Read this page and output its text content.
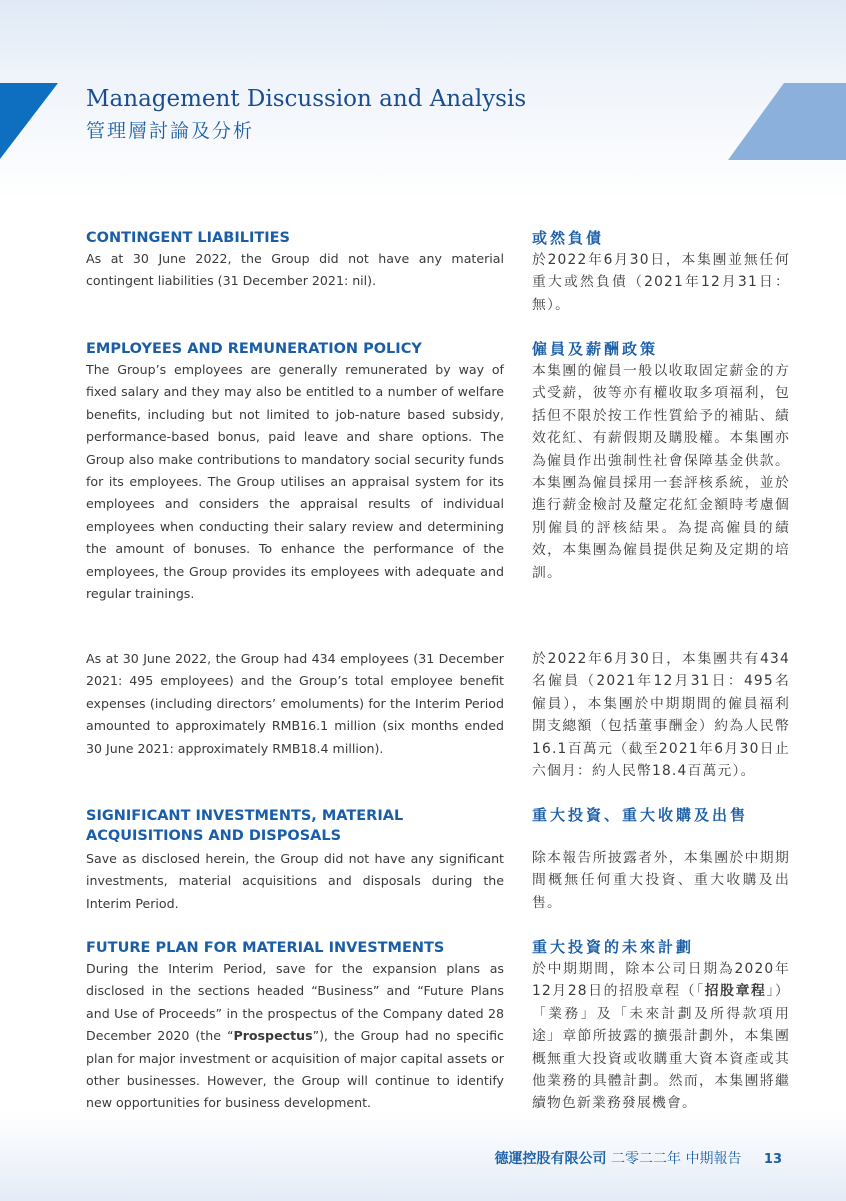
Management Discussion and Analysis
管理層討論及分析
CONTINGENT LIABILITIES

As at 30 June 2022, the Group did not have any material contingent liabilities (31 December 2021: nil).

或然負債

於2022年6月30日，本集團並無任何重大或然負債（2021年12月31日：無）。

EMPLOYEES AND REMUNERATION POLICY

The Group’s employees are generally remunerated by way of fixed salary and they may also be entitled to a number of welfare benefits, including but not limited to job-nature based subsidy, performance-based bonus, paid leave and share options. The Group also make contributions to mandatory social security funds for its employees. The Group utilises an appraisal system for its employees and considers the appraisal results of individual employees when conducting their salary review and determining the amount of bonuses. To enhance the performance of the employees, the Group provides its employees with adequate and regular trainings.

僱員及薪酬政策

本集團的僱員一般以收取固定薪金的方式受薪，彼等亦有權收取多項福利，包括但不限於按工作性質給予的補貼、績效花紅、有薪假期及購股權。本集團亦為僱員作出強制性社會保障基金供款。本集團為僱員採用一套評核系統，並於進行薪金檢討及釐定花紅金額時考慮個別僱員的評核結果。為提高僱員的績效，本集團為僱員提供足夠及定期的培訓。

As at 30 June 2022, the Group had 434 employees (31 December 2021: 495 employees) and the Group’s total employee benefit expenses (including directors’ emoluments) for the Interim Period amounted to approximately RMB16.1 million (six months ended 30 June 2021: approximately RMB18.4 million).

於2022年6月30日，本集團共有434名僱員（2021年12月31日：495名僱員），本集團於中期期間的僱員福利開支總額（包括董事酬金）約為人民幣16.1百萬元（截至2021年6月30日止六個月：約人民幣18.4百萬元）。

SIGNIFICANT INVESTMENTS, MATERIAL ACQUISITIONS AND DISPOSALS

Save as disclosed herein, the Group did not have any significant investments, material acquisitions and disposals during the Interim Period.

重大投資、重大收購及出售

除本報告所披露者外，本集團於中期期間概無任何重大投資、重大收購及出售。

FUTURE PLAN FOR MATERIAL INVESTMENTS

During the Interim Period, save for the expansion plans as disclosed in the sections headed “Business” and “Future Plans and Use of Proceeds” in the prospectus of the Company dated 28 December 2020 (the “Prospectus”), the Group had no specific plan for major investment or acquisition of major capital assets or other businesses. However, the Group will continue to identify new opportunities for business development.

重大投資的未來計劃

於中期期間，除本公司日期為2020年12月28日的招股章程（「招股章程」）「業務」及「未來計劃及所得款項用途」章節所披露的擴張計劃外，本集團概無重大投資或收購重大資本資產或其他業務的具體計劃。然而，本集團將繼續物色新業務發展機會。

德運控股有限公司 二零二二年 中期報告 13
